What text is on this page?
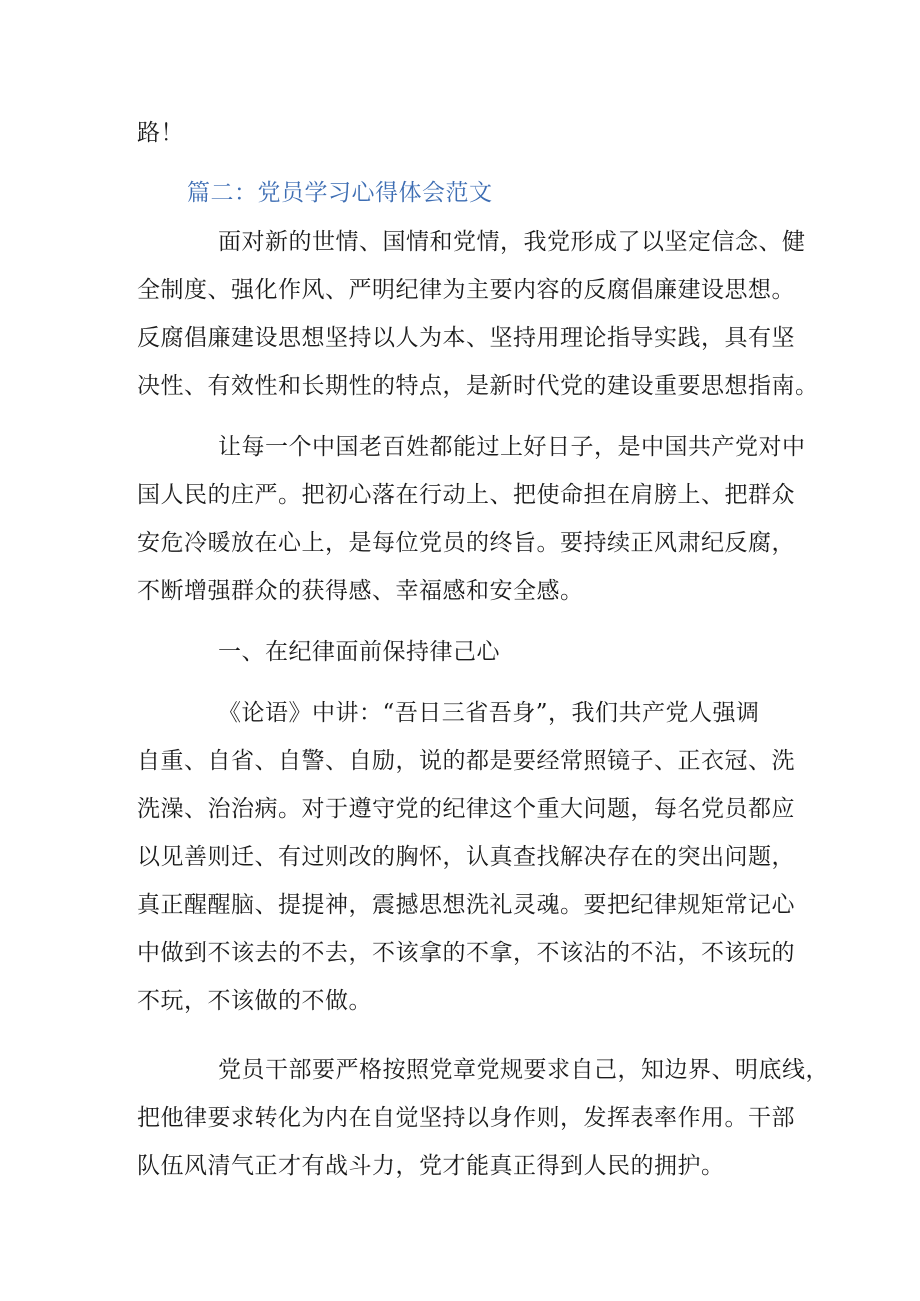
路！
篇二：党员学习心得体会范文
面对新的世情、国情和党情，我党形成了以坚定信念、健
全制度、强化作风、严明纪律为主要内容的反腐倡廉建设思想。
反腐倡廉建设思想坚持以人为本、坚持用理论指导实践，具有坚
决性、有效性和长期性的特点，是新时代党的建设重要思想指南。
让每一个中国老百姓都能过上好日子，是中国共产党对中
国人民的庄严。把初心落在行动上、把使命担在肩膀上、把群众
安危冷暖放在心上，是每位党员的终旨。要持续正风肃纪反腐，
不断增强群众的获得感、幸福感和安全感。
一、在纪律面前保持律己心
《论语》中讲：“吾日三省吾身”，我们共产党人强调
自重、自省、自警、自励，说的都是要经常照镜子、正衣冠、洗
洗澡、治治病。对于遵守党的纪律这个重大问题，每名党员都应
以见善则迁、有过则改的胸怀，认真查找解决存在的突出问题，
真正醒醒脑、提提神，震撼思想洗礼灵魂。要把纪律规矩常记心
中做到不该去的不去，不该拿的不拿，不该沾的不沾，不该玩的
不玩，不该做的不做。
党员干部要严格按照党章党规要求自己，知边界、明底线，
把他律要求转化为内在自觉坚持以身作则，发挥表率作用。干部
队伍风清气正才有战斗力，党才能真正得到人民的拥护。
